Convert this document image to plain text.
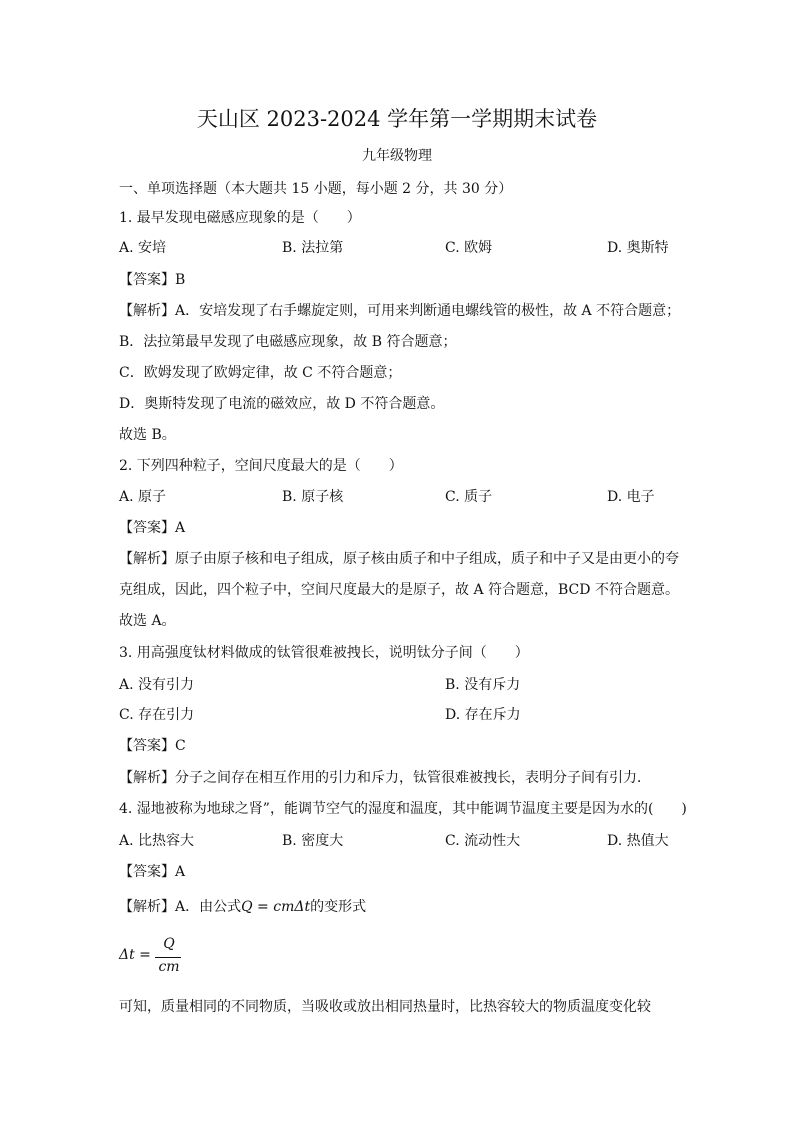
天山区 2023-2024 学年第一学期期末试卷
九年级物理
一、单项选择题（本大题共 15 小题，每小题 2 分，共 30 分）
1. 最早发现电磁感应现象的是（　　）
A. 安培	B. 法拉第	C. 欧姆	D. 奥斯特
【答案】B
【解析】A．安培发现了右手螺旋定则，可用来判断通电螺线管的极性，故 A 不符合题意；
B．法拉第最早发现了电磁感应现象，故 B 符合题意；
C．欧姆发现了欧姆定律，故 C 不符合题意；
D．奥斯特发现了电流的磁效应，故 D 不符合题意。
故选 B。
2. 下列四种粒子，空间尺度最大的是（　　）
A. 原子	B. 原子核	C. 质子	D. 电子
【答案】A
【解析】原子由原子核和电子组成，原子核由质子和中子组成，质子和中子又是由更小的夸
克组成，因此，四个粒子中，空间尺度最大的是原子，故 A 符合题意，BCD 不符合题意。
故选 A。
3. 用高强度钛材料做成的钛管很难被拽长，说明钛分子间（　　）
A. 没有引力	B. 没有斥力
C. 存在引力	D. 存在斥力
【答案】C
【解析】分子之间存在相互作用的引力和斥力，钛管很难被拽长，表明分子间有引力．
4. 湿地被称为地球之肾”，能调节空气的湿度和温度，其中能调节温度主要是因为水的(　　)
A. 比热容大	B. 密度大	C. 流动性大	D. 热值大
【答案】A
【解析】A．由公式Q = cmΔt的变形式
Δt =
Q
cm
可知，质量相同的不同物质，当吸收或放出相同热量时，比热容较大的物质温度变化较
